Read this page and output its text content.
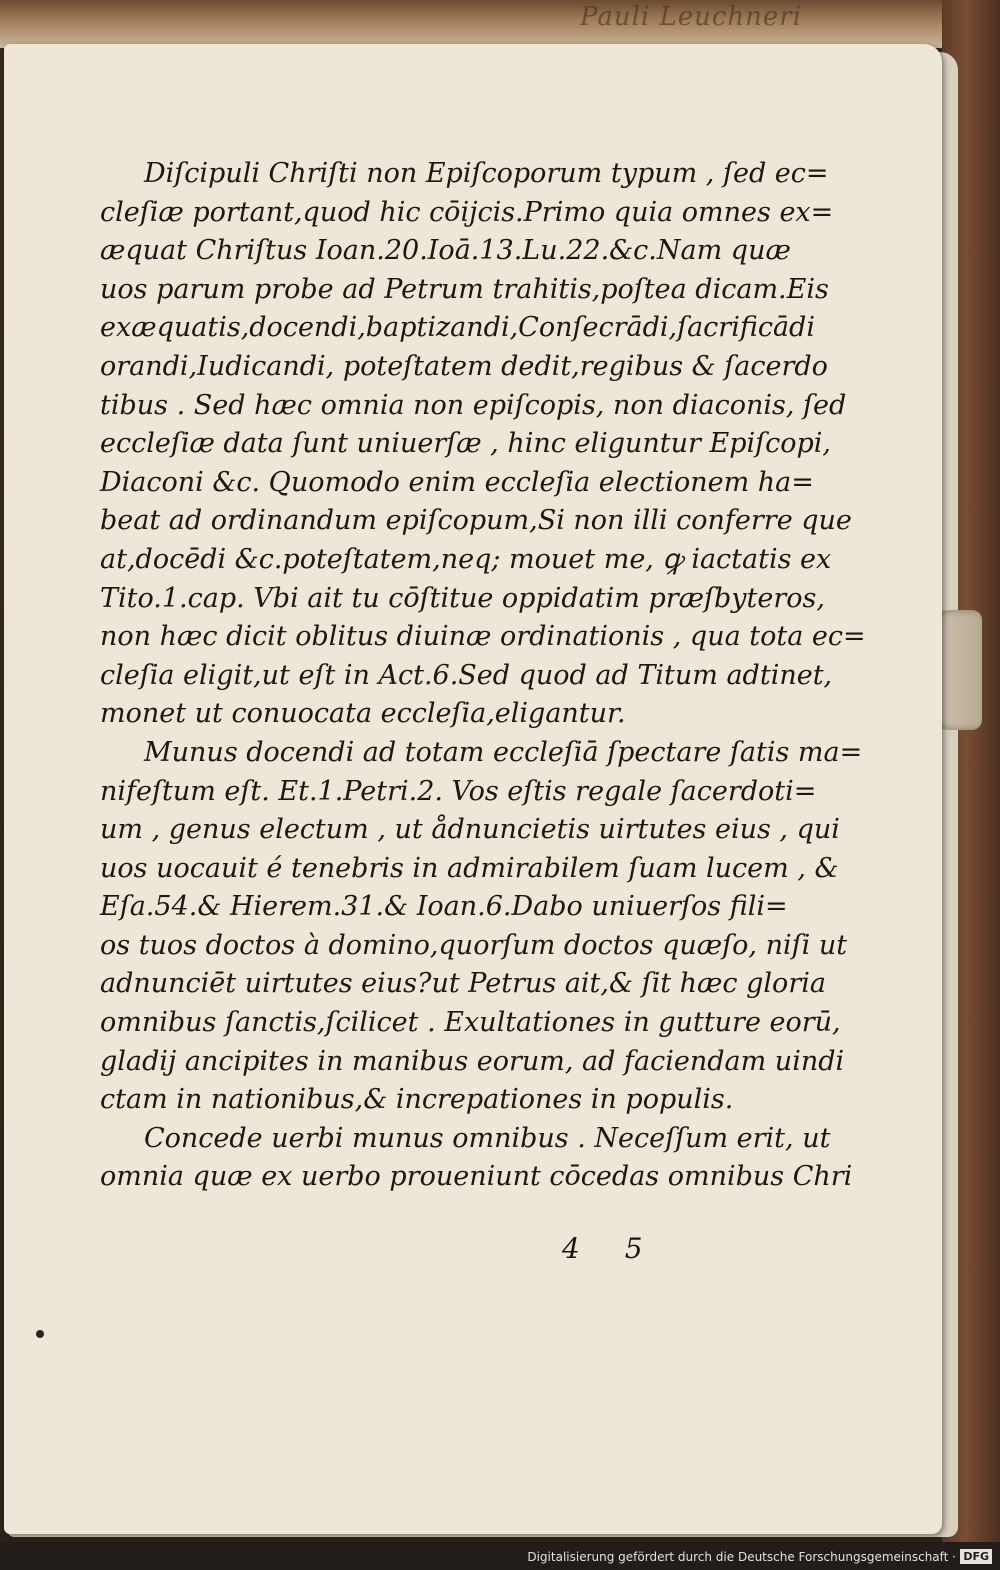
Pauli Leuchneri
Diſcipuli Chriſti non Epiſcoporum typum , ſed ec=
cleſiæ portant,quod hic cōijcis.Primo quia omnes ex=
æquat Chriſtus Ioan.20.Ioā.13.Lu.22.&c.Nam quæ
uos parum probe ad Petrum trahitis,poſtea dicam.Eis
exæquatis,docendi,baptizandi,Conſecrādi,ſacrificādi
orandi,Iudicandi, poteſtatem dedit,regibus & ſacerdo
tibus . Sed hæc omnia non epiſcopis, non diaconis, ſed
eccleſiæ data ſunt uniuerſæ , hinc eliguntur Epiſcopi,
Diaconi &c. Quomodo enim eccleſia electionem ha=
beat ad ordinandum epiſcopum,Si non illi conferre que
at,docēdi &c.poteſtatem,neq; mouet me, ꝙ iactatis ex
Tito.1.cap. Vbi ait tu cōſtitue oppidatim præſbyteros,
non hæc dicit oblitus diuinæ ordinationis , qua tota ec=
cleſia eligit,ut eſt in Act.6.Sed quod ad Titum adtinet,
monet ut conuocata eccleſia,eligantur.
Munus docendi ad totam eccleſiā ſpectare ſatis ma=
nifeſtum eſt. Et.1.Petri.2. Vos eſtis regale ſacerdoti=
um , genus electum , ut ådnuncietis uirtutes eius , qui
uos uocauit é tenebris in admirabilem ſuam lucem , &
Eſa.54.& Hierem.31.& Ioan.6.Dabo uniuerſos fili=
os tuos doctos à domino,quorſum doctos quæſo, niſi ut
adnunciēt uirtutes eius?ut Petrus ait,& ſit hæc gloria
omnibus ſanctis,ſcilicet . Exultationes in gutture eorū,
gladij ancipites in manibus eorum, ad faciendam uindi
ctam in nationibus,& increpationes in populis.
Concede uerbi munus omnibus . Neceſſum erit, ut
omnia quæ ex uerbo proueniunt cōcedas omnibus Chri
4 5
Digitalisierung gefördert durch die Deutsche Forschungsgemeinschaft · DFG
